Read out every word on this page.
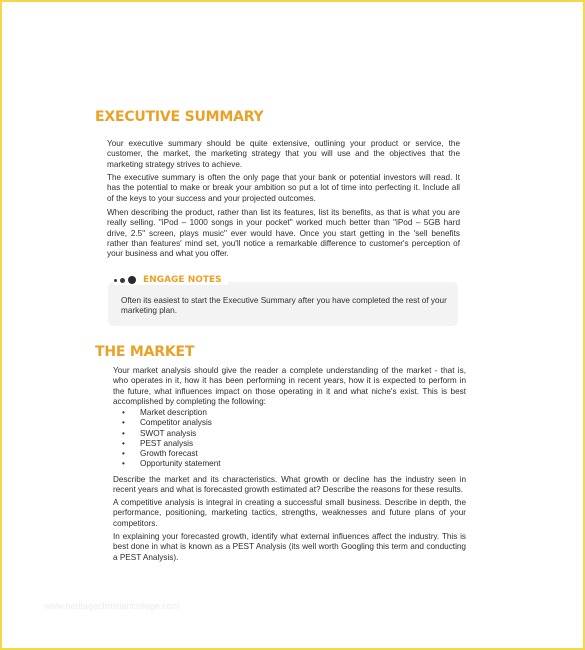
EXECUTIVE SUMMARY

Your executive summary should be quite extensive, outlining your product or service, the customer, the market, the marketing strategy that you will use and the objectives that the marketing strategy strives to achieve.

The executive summary is often the only page that your bank or potential investors will read. It has the potential to make or break your ambition so put a lot of time into perfecting it. Include all of the keys to your success and your projected outcomes.

When describing the product, rather than list its features, list its benefits, as that is what you are really selling. "iPod – 1000 songs in your pocket" worked much better than "iPod – 5GB hard drive, 2.5" screen, plays music" ever would have. Once you start getting in the 'sell benefits rather than features' mind set, you'll notice a remarkable difference to customer's perception of your business and what you offer.

ENGAGE NOTES

Often its easiest to start the Executive Summary after you have completed the rest of your marketing plan.

THE MARKET

Your market analysis should give the reader a complete understanding of the market - that is, who operates in it, how it has been performing in recent years, how it is expected to perform in the future, what influences impact on those operating in it and what niche's exist. This is best accomplished by completing the following:

•	Market description
•	Competitor analysis
•	SWOT analysis
•	PEST analysis
•	Growth forecast
•	Opportunity statement

Describe the market and its characteristics. What growth or decline has the industry seen in recent years and what is forecasted growth estimated at? Describe the reasons for these results.

A competitive analysis is integral in creating a successful small business. Describe in depth, the performance, positioning, marketing tactics, strengths, weaknesses and future plans of your competitors.

In explaining your forecasted growth, identify what external influences affect the industry. This is best done in what is known as a PEST Analysis (its well worth Googling this term and conducting a PEST Analysis).

www.heritagechristiancollege.com
